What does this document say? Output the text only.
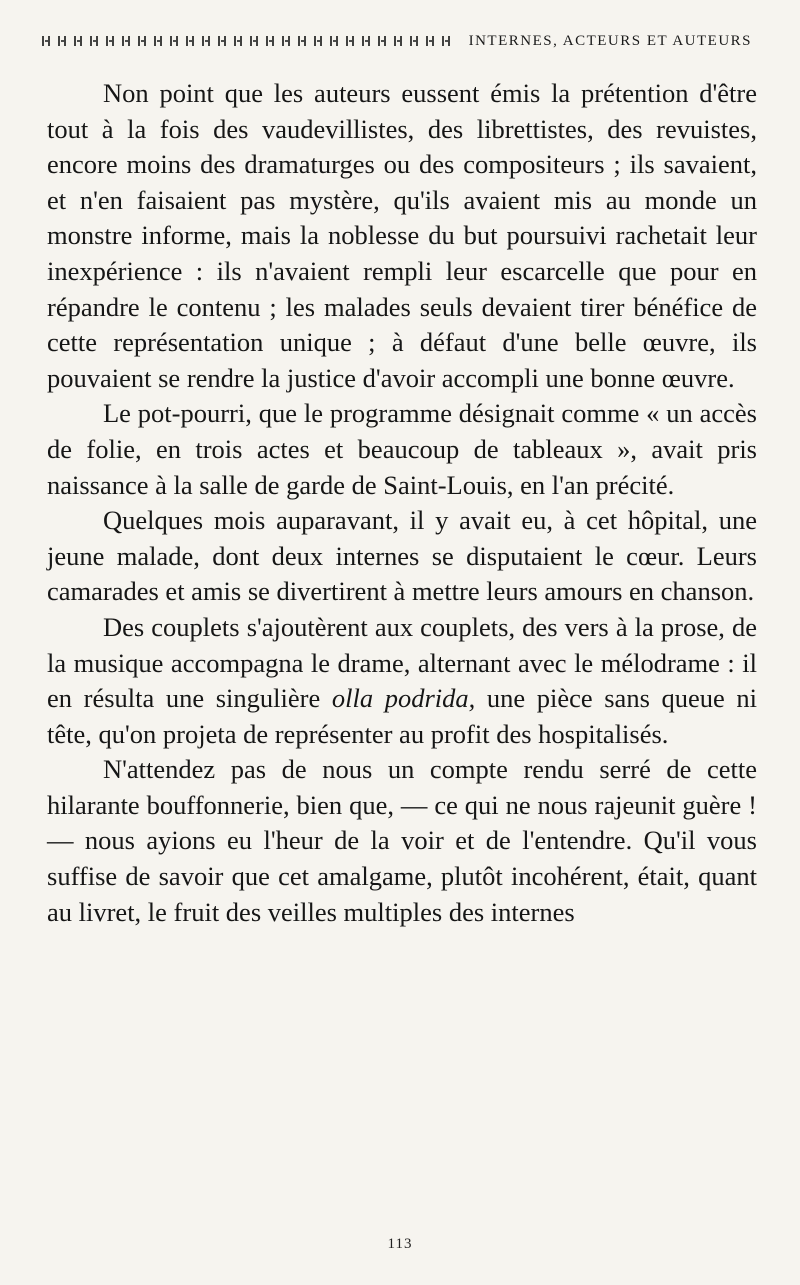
INTERNES, ACTEURS ET AUTEURS

Non point que les auteurs eussent émis la prétention d'être tout à la fois des vaudevillistes, des librettistes, des revuistes, encore moins des dramaturges ou des compositeurs ; ils savaient, et n'en faisaient pas mystère, qu'ils avaient mis au monde un monstre informe, mais la noblesse du but poursuivi rachetait leur inexpérience : ils n'avaient rempli leur escarcelle que pour en répandre le contenu ; les malades seuls devaient tirer bénéfice de cette représentation unique ; à défaut d'une belle œuvre, ils pouvaient se rendre la justice d'avoir accompli une bonne œuvre.

Le pot-pourri, que le programme désignait comme « un accès de folie, en trois actes et beaucoup de tableaux », avait pris naissance à la salle de garde de Saint-Louis, en l'an précité.

Quelques mois auparavant, il y avait eu, à cet hôpital, une jeune malade, dont deux internes se disputaient le cœur. Leurs camarades et amis se divertirent à mettre leurs amours en chanson.

Des couplets s'ajoutèrent aux couplets, des vers à la prose, de la musique accompagna le drame, alternant avec le mélodrame : il en résulta une singulière olla podrida, une pièce sans queue ni tête, qu'on projeta de représenter au profit des hospitalisés.

N'attendez pas de nous un compte rendu serré de cette hilarante bouffonnerie, bien que, — ce qui ne nous rajeunit guère ! — nous ayions eu l'heur de la voir et de l'entendre. Qu'il vous suffise de savoir que cet amalgame, plutôt incohérent, était, quant au livret, le fruit des veilles multiples des internes

113
